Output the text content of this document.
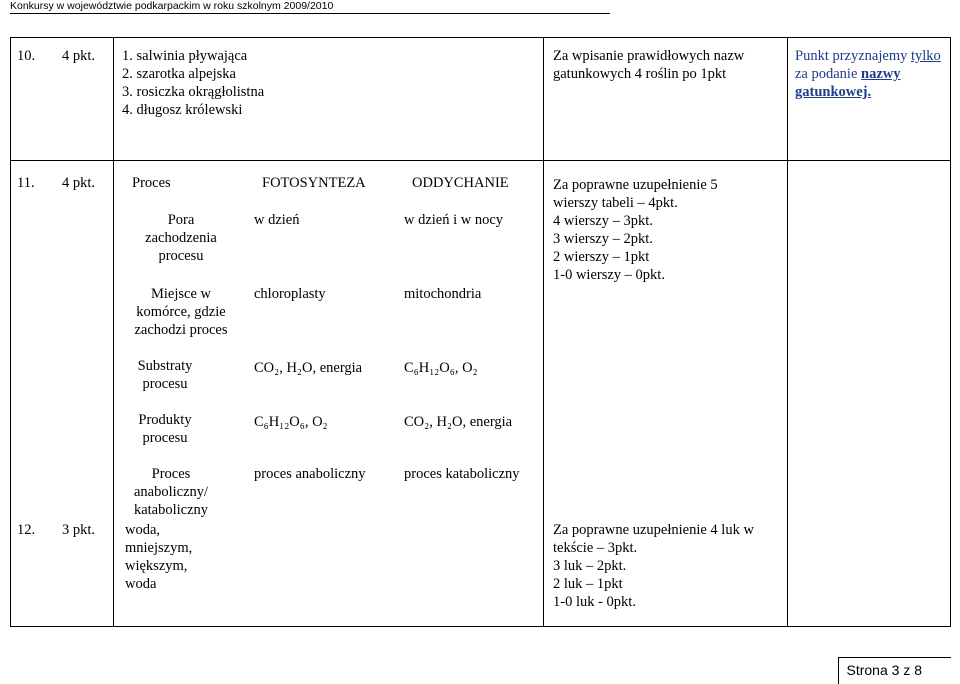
Konkursy w województwie podkarpackim w roku szkolnym 2009/2010
10. 4 pkt. 1. salwinia pływająca
2. szarotka alpejska
3. rosiczka okrągłolistna
4. długosz królewski
Za wpisanie prawidłowych nazw
gatunkowych 4 roślin po 1pkt
Punkt przyznajemy tylko
za podanie nazwy
gatunkowej.
11. 4 pkt.	Proces	FOTOSYNTEZA	ODDYCHANIE
Pora
zachodzenia
procesu
w dzień	w dzień i w nocy
Miejsce w
komórce, gdzie
zachodzi proces
chloroplasty	mitochondria
Substraty
procesu
CO₂, H₂O, energia	C₆H₁₂O₆, O₂
Produkty
procesu
C₆H₁₂O₆, O₂	CO₂, H₂O, energia
Proces
anaboliczny/
kataboliczny
proces anaboliczny	proces kataboliczny
Za poprawne uzupełnienie 5
wierszy tabeli – 4pkt.
4 wierszy – 3pkt.
3 wierszy – 2pkt.
2 wierszy – 1pkt
1-0 wierszy – 0pkt.
12. 3 pkt. woda,
mniejszym,
większym,
woda
Za poprawne uzupełnienie 4 luk w
tekście – 3pkt.
3 luk – 2pkt.
2 luk – 1pkt
1-0 luk - 0pkt.
Strona 3 z 8
